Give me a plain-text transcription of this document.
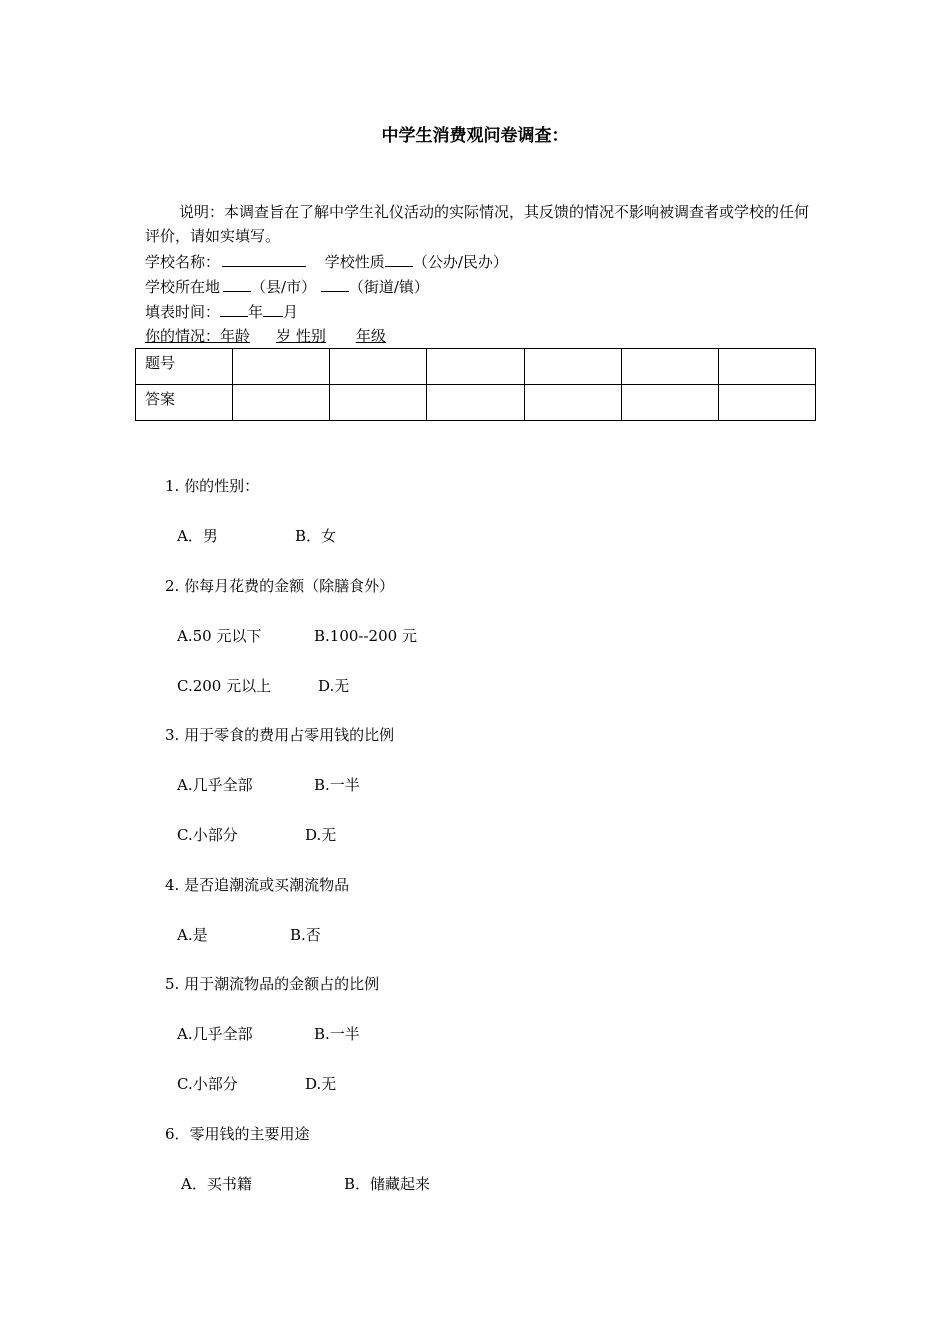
中学生消费观问卷调查：
说明：本调查旨在了解中学生礼仪活动的实际情况，其反馈的情况不影响被调查者或学校的任何评价，请如实填写。
学校名称：	学校性质 （公办/民办）
学校所在地 （县/市） （街道/镇）
填表时间： 年 月
你的情况：年龄 岁 性别 年级
题号						
答案						
1. 你的性别：
A．男	B．女
2. 你每月花费的金额（除膳食外）
A.50 元以下	B.100--200 元
C.200 元以上	D.无
3. 用于零食的费用占零用钱的比例
A.几乎全部	B.一半
C.小部分	D.无
4. 是否追潮流或买潮流物品
A.是	B.否
5. 用于潮流物品的金额占的比例
A.几乎全部	B.一半
C.小部分	D.无
6．零用钱的主要用途
A．买书籍	B．储藏起来
